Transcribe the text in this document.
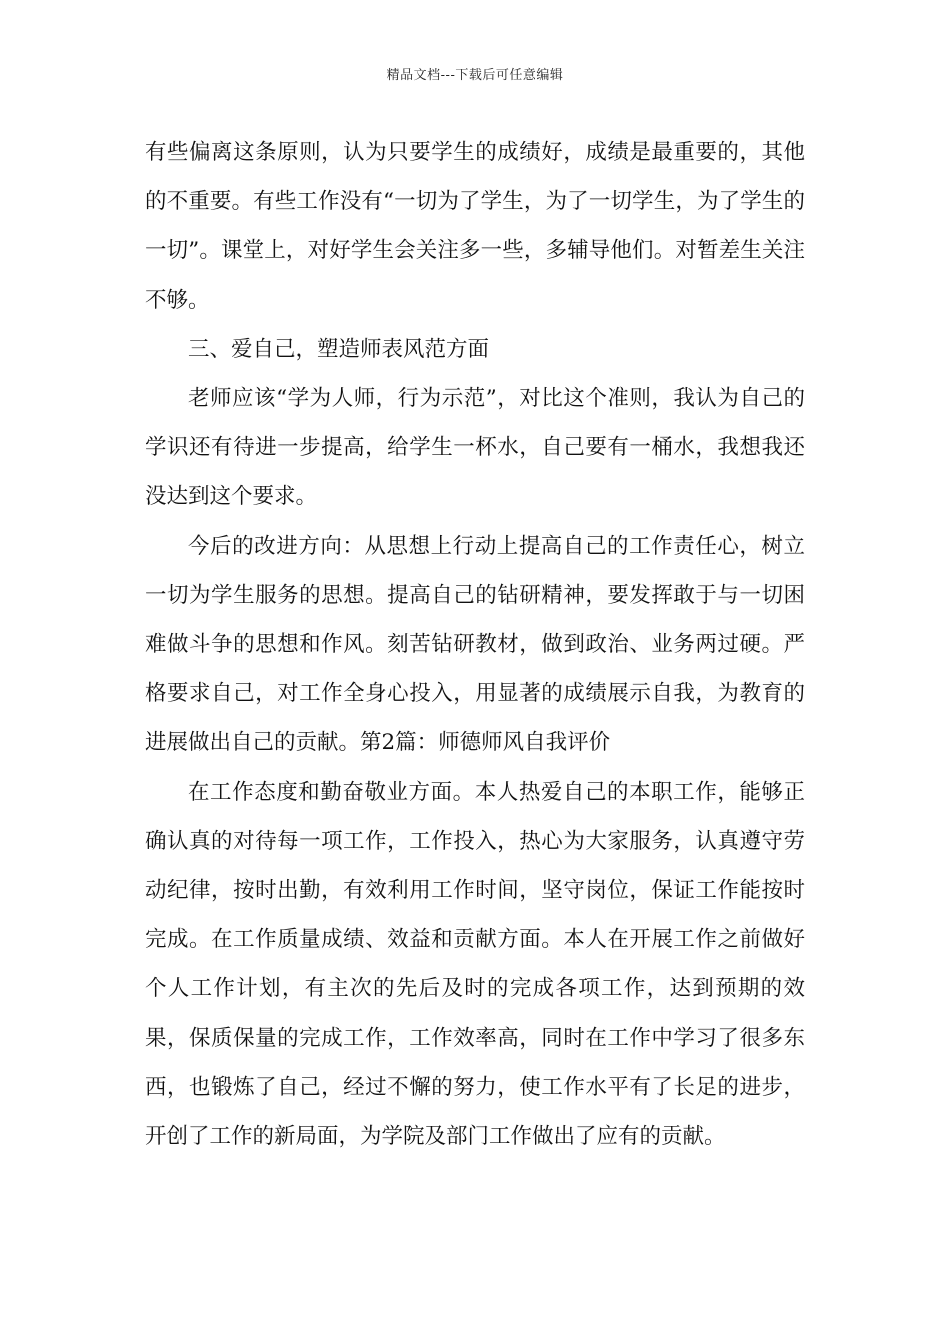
精品文档---下载后可任意编辑

有些偏离这条原则，认为只要学生的成绩好，成绩是最重要的，其他的不重要。有些工作没有“一切为了学生，为了一切学生，为了学生的一切”。课堂上，对好学生会关注多一些，多辅导他们。对暂差生关注不够。

三、爱自己，塑造师表风范方面

老师应该“学为人师，行为示范”，对比这个准则，我认为自己的学识还有待进一步提高，给学生一杯水，自己要有一桶水，我想我还没达到这个要求。

今后的改进方向：从思想上行动上提高自己的工作责任心，树立一切为学生服务的思想。提高自己的钻研精神，要发挥敢于与一切困难做斗争的思想和作风。刻苦钻研教材，做到政治、业务两过硬。严格要求自己，对工作全身心投入，用显著的成绩展示自我，为教育的进展做出自己的贡献。第2篇：师德师风自我评价

在工作态度和勤奋敬业方面。本人热爱自己的本职工作，能够正确认真的对待每一项工作，工作投入，热心为大家服务，认真遵守劳动纪律，按时出勤，有效利用工作时间，坚守岗位，保证工作能按时完成。在工作质量成绩、效益和贡献方面。本人在开展工作之前做好个人工作计划，有主次的先后及时的完成各项工作，达到预期的效果，保质保量的完成工作，工作效率高，同时在工作中学习了很多东西，也锻炼了自己，经过不懈的努力，使工作水平有了长足的进步，开创了工作的新局面，为学院及部门工作做出了应有的贡献。
